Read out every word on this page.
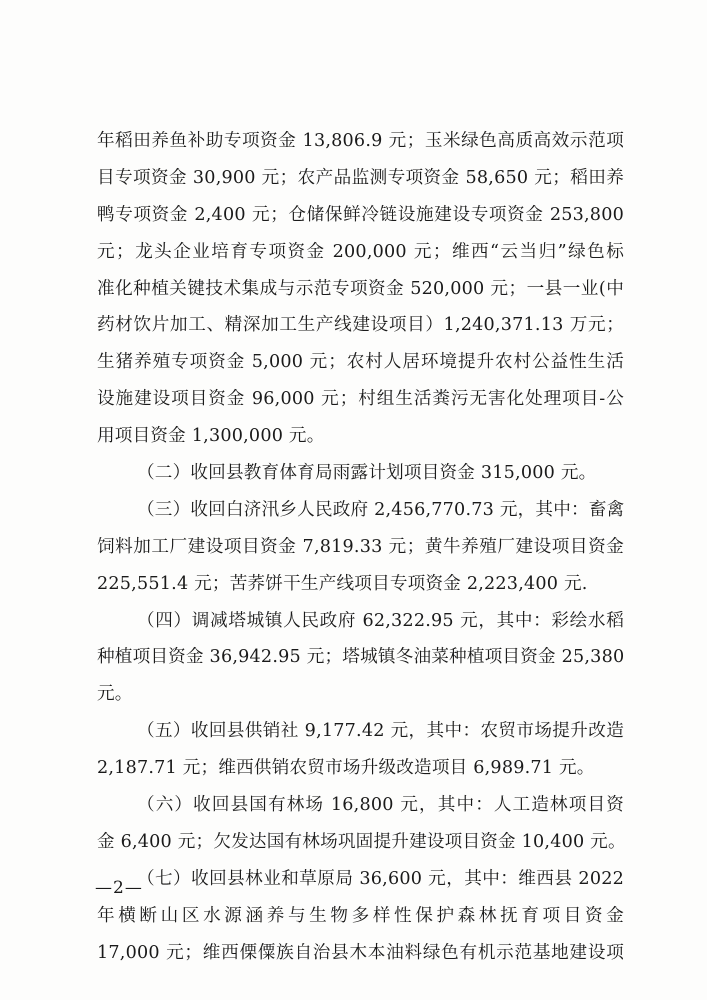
年稻田养鱼补助专项资金 13,806.9 元；玉米绿色高质高效示范项
目专项资金 30,900 元；农产品监测专项资金 58,650 元；稻田养
鸭专项资金 2,400 元；仓储保鲜冷链设施建设专项资金 253,800
元；龙头企业培育专项资金 200,000 元；维西“云当归”绿色标
准化种植关键技术集成与示范专项资金 520,000 元；一县一业(中
药材饮片加工、精深加工生产线建设项目）1,240,371.13 万元；
生猪养殖专项资金 5,000 元；农村人居环境提升农村公益性生活
设施建设项目资金 96,000 元；村组生活粪污无害化处理项目-公
用项目资金 1,300,000 元。
（二）收回县教育体育局雨露计划项目资金 315,000 元。
（三）收回白济汛乡人民政府 2,456,770.73 元，其中：畜禽
饲料加工厂建设项目资金 7,819.33 元；黄牛养殖厂建设项目资金
225,551.4 元；苦荞饼干生产线项目专项资金 2,223,400 元.
（四）调减塔城镇人民政府 62,322.95 元，其中：彩绘水稻
种植项目资金 36,942.95 元；塔城镇冬油菜种植项目资金 25,380
元。
（五）收回县供销社 9,177.42 元，其中：农贸市场提升改造
2,187.71 元；维西供销农贸市场升级改造项目 6,989.71 元。
（六）收回县国有林场 16,800 元，其中：人工造林项目资
金 6,400 元；欠发达国有林场巩固提升建设项目资金 10,400 元。
（七）收回县林业和草原局 36,600 元，其中：维西县 2022
年横断山区水源涵养与生物多样性保护森林抚育项目资金
17,000 元；维西傈僳族自治县木本油料绿色有机示范基地建设项
—2—
